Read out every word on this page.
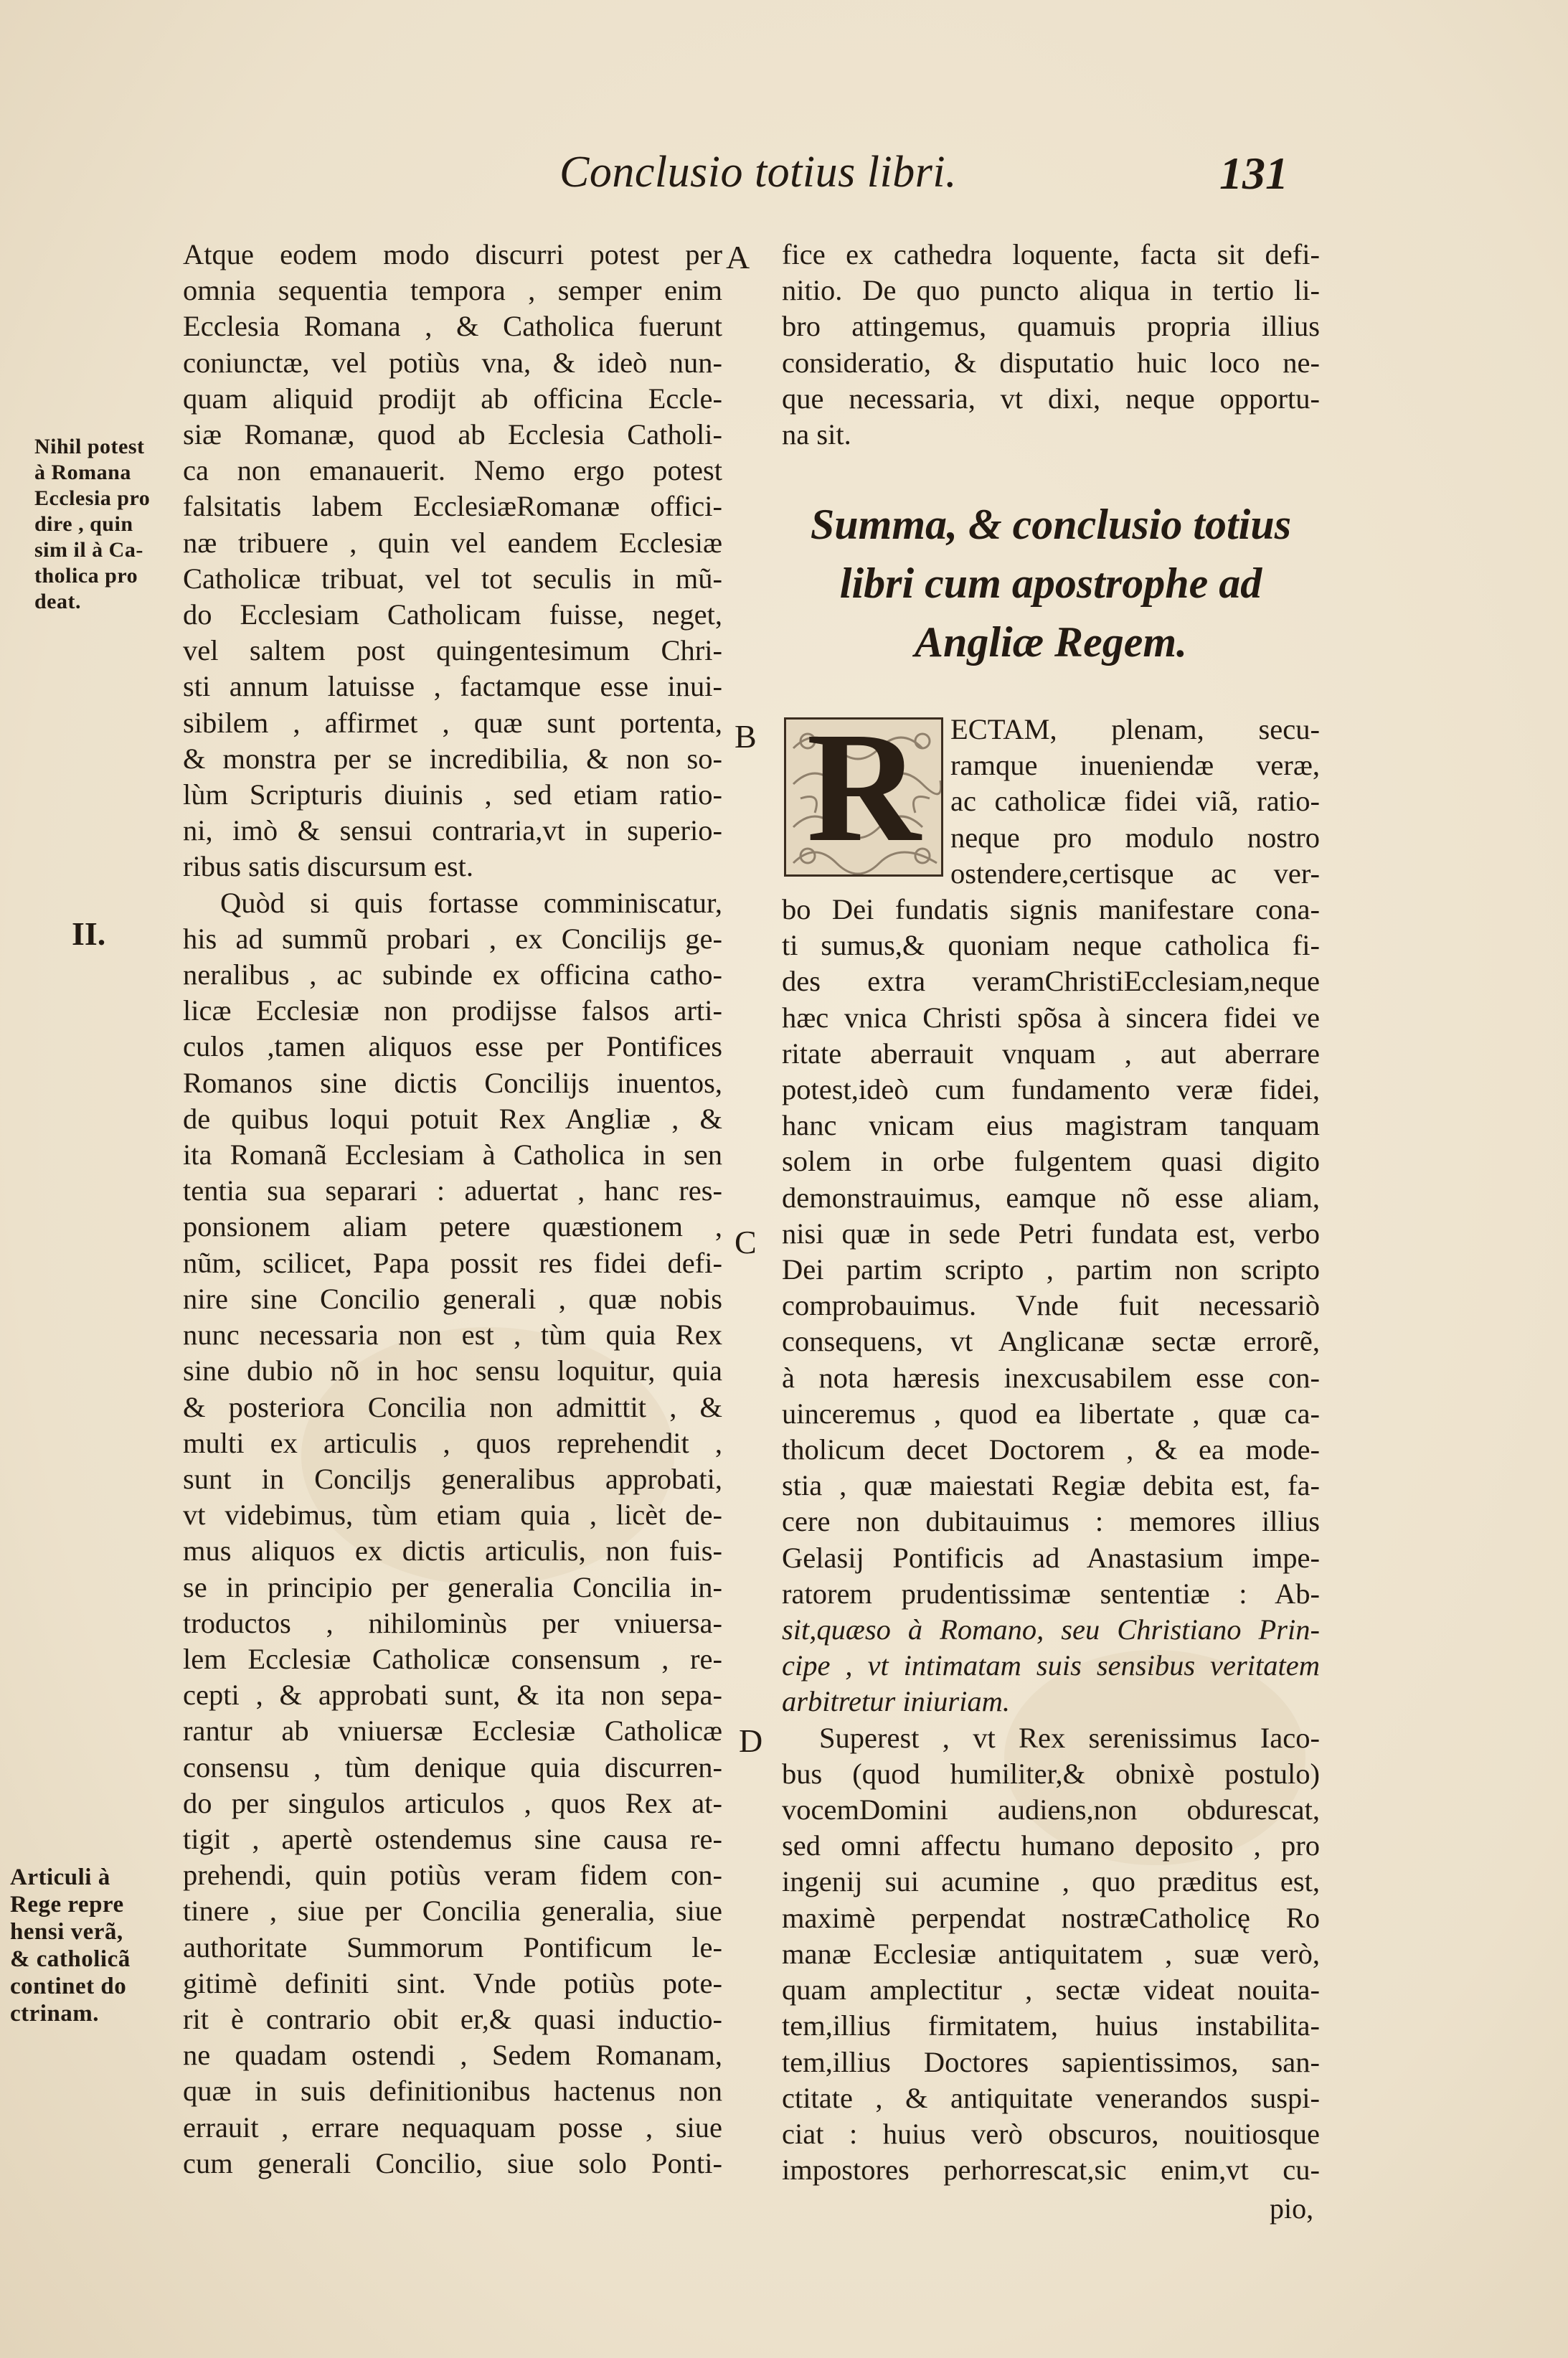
Conclusio totius libri.	131
Nihil potest
à Romana
Ecclesia pro
dire , quin
sim il à Ca-
tholica pro
deat.
II.
Articuli à
Rege repre
hensi verã,
& catholicã
continet do
ctrinam.
A
B
C
D
Atque eodem modo discurri potest per
omnia sequentia tempora , semper enim
Ecclesia Romana , & Catholica fuerunt
coniunctæ, vel potiùs vna, & ideò nun-
quam aliquid prodijt ab officina Eccle-
siæ Romanæ, quod ab Ecclesia Catholi-
ca non emanauerit. Nemo ergo potest
falsitatis labem EcclesiæRomanæ offici-
næ tribuere , quin vel eandem Ecclesiæ
Catholicæ tribuat, vel tot seculis in mũ-
do Ecclesiam Catholicam fuisse, neget,
vel saltem post quingentesimum Chri-
sti annum latuisse , factamque esse inui-
sibilem , affirmet , quæ sunt portenta,
& monstra per se incredibilia, & non so-
lùm Scripturis diuinis , sed etiam ratio-
ni, imò & sensui contraria,vt in superio-
ribus satis discursum est.
Quòd si quis fortasse comminiscatur,
his ad summũ probari , ex Concilijs ge-
neralibus , ac subinde ex officina catho-
licæ Ecclesiæ non prodijsse falsos arti-
culos ,tamen aliquos esse per Pontifices
Romanos sine dictis Concilijs inuentos,
de quibus loqui potuit Rex Angliæ , &
ita Romanã Ecclesiam à Catholica in sen
tentia sua separari : aduertat , hanc res-
ponsionem aliam petere quæstionem ,
nũm, scilicet, Papa possit res fidei defi-
nire sine Concilio generali , quæ nobis
nunc necessaria non est , tùm quia Rex
sine dubio nõ in hoc sensu loquitur, quia
& posteriora Concilia non admittit , &
multi ex articulis , quos reprehendit ,
sunt in Conciljs generalibus approbati,
vt videbimus, tùm etiam quia , licèt de-
mus aliquos ex dictis articulis, non fuis-
se in principio per generalia Concilia in-
troductos , nihilominùs per vniuersa-
lem Ecclesiæ Catholicæ consensum , re-
cepti , & approbati sunt, & ita non sepa-
rantur ab vniuersæ Ecclesiæ Catholicæ
consensu , tùm denique quia discurren-
do per singulos articulos , quos Rex at-
tigit , apertè ostendemus sine causa re-
prehendi, quin potiùs veram fidem con-
tinere , siue per Concilia generalia, siue
authoritate Summorum Pontificum le-
gitimè definiti sint. Vnde potiùs pote-
rit è contrario obit er,& quasi inductio-
ne quadam ostendi , Sedem Romanam,
quæ in suis definitionibus hactenus non
errauit , errare nequaquam posse , siue
cum generali Concilio, siue solo Ponti-
fice ex cathedra loquente, facta sit defi-
nitio. De quo puncto aliqua in tertio li-
bro attingemus, quamuis propria illius
consideratio, & disputatio huic loco ne-
que necessaria, vt dixi, neque opportu-
na sit.
Summa, & conclusio totius
libri cum apostrophe ad
Angliæ Regem.
R	ECTAM, plenam, secu-
ramque inueniendæ veræ,
ac catholicæ fidei viã, ratio-
neque pro modulo nostro
ostendere,certisque ac ver-
bo Dei fundatis signis manifestare cona-
ti sumus,& quoniam neque catholica fi-
des extra veramChristiEcclesiam,neque
hæc vnica Christi spõsa à sincera fidei ve
ritate aberrauit vnquam , aut aberrare
potest,ideò cum fundamento veræ fidei,
hanc vnicam eius magistram tanquam
solem in orbe fulgentem quasi digito
demonstrauimus, eamque nõ esse aliam,
nisi quæ in sede Petri fundata est, verbo
Dei partim scripto , partim non scripto
comprobauimus. Vnde fuit necessariò
consequens, vt Anglicanæ sectæ errorẽ,
à nota hæresis inexcusabilem esse con-
uinceremus , quod ea libertate , quæ ca-
tholicum decet Doctorem , & ea mode-
stia , quæ maiestati Regiæ debita est, fa-
cere non dubitauimus : memores illius
Gelasij Pontificis ad Anastasium impe-
ratorem prudentissimæ sententiæ : Ab-
sit,quæso à Romano, seu Christiano Prin-
cipe , vt intimatam suis sensibus veritatem
arbitretur iniuriam.
Superest , vt Rex serenissimus Iaco-
bus (quod humiliter,& obnixè postulo)
vocemDomini audiens,non obdurescat,
sed omni affectu humano deposito , pro
ingenij sui acumine , quo præditus est,
maximè perpendat nostræCatholicę Ro
manæ Ecclesiæ antiquitatem , suæ verò,
quam amplectitur , sectæ videat nouita-
tem,illius firmitatem, huius instabilita-
tem,illius Doctores sapientissimos, san-
ctitate , & antiquitate venerandos suspi-
ciat : huius verò obscuros, nouitiosque
impostores perhorrescat,sic enim,vt cu-
pio,
